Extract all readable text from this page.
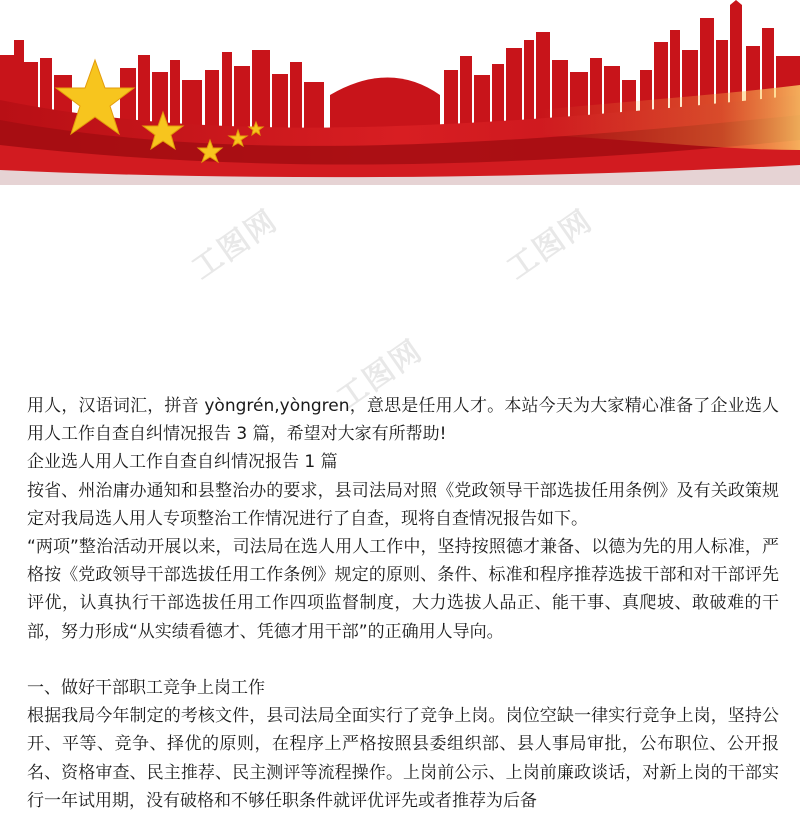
工图网	工图网
工图网

用人，汉语词汇，拼音 yòngrén,yòngren，意思是任用人才。本站今天为大家精心准备了企业选人用人工作自查自纠情况报告 3 篇，希望对大家有所帮助!

企业选人用人工作自查自纠情况报告 1 篇

按省、州治庸办通知和县整治办的要求，县司法局对照《党政领导干部选拔任用条例》及有关政策规定对我局选人用人专项整治工作情况进行了自查，现将自查情况报告如下。

“两项”整治活动开展以来，司法局在选人用人工作中，坚持按照德才兼备、以德为先的用人标准，严格按《党政领导干部选拔任用工作条例》规定的原则、条件、标准和程序推荐选拔干部和对干部评先评优，认真执行干部选拔任用工作四项监督制度，大力选拔人品正、能干事、真爬坡、敢破难的干部，努力形成“从实绩看德才、凭德才用干部”的正确用人导向。

一、做好干部职工竞争上岗工作

根据我局今年制定的考核文件，县司法局全面实行了竞争上岗。岗位空缺一律实行竞争上岗，坚持公开、平等、竞争、择优的原则，在程序上严格按照县委组织部、县人事局审批，公布职位、公开报名、资格审查、民主推荐、民主测评等流程操作。上岗前公示、上岗前廉政谈话，对新上岗的干部实行一年试用期，没有破格和不够任职条件就评优评先或者推荐为后备
